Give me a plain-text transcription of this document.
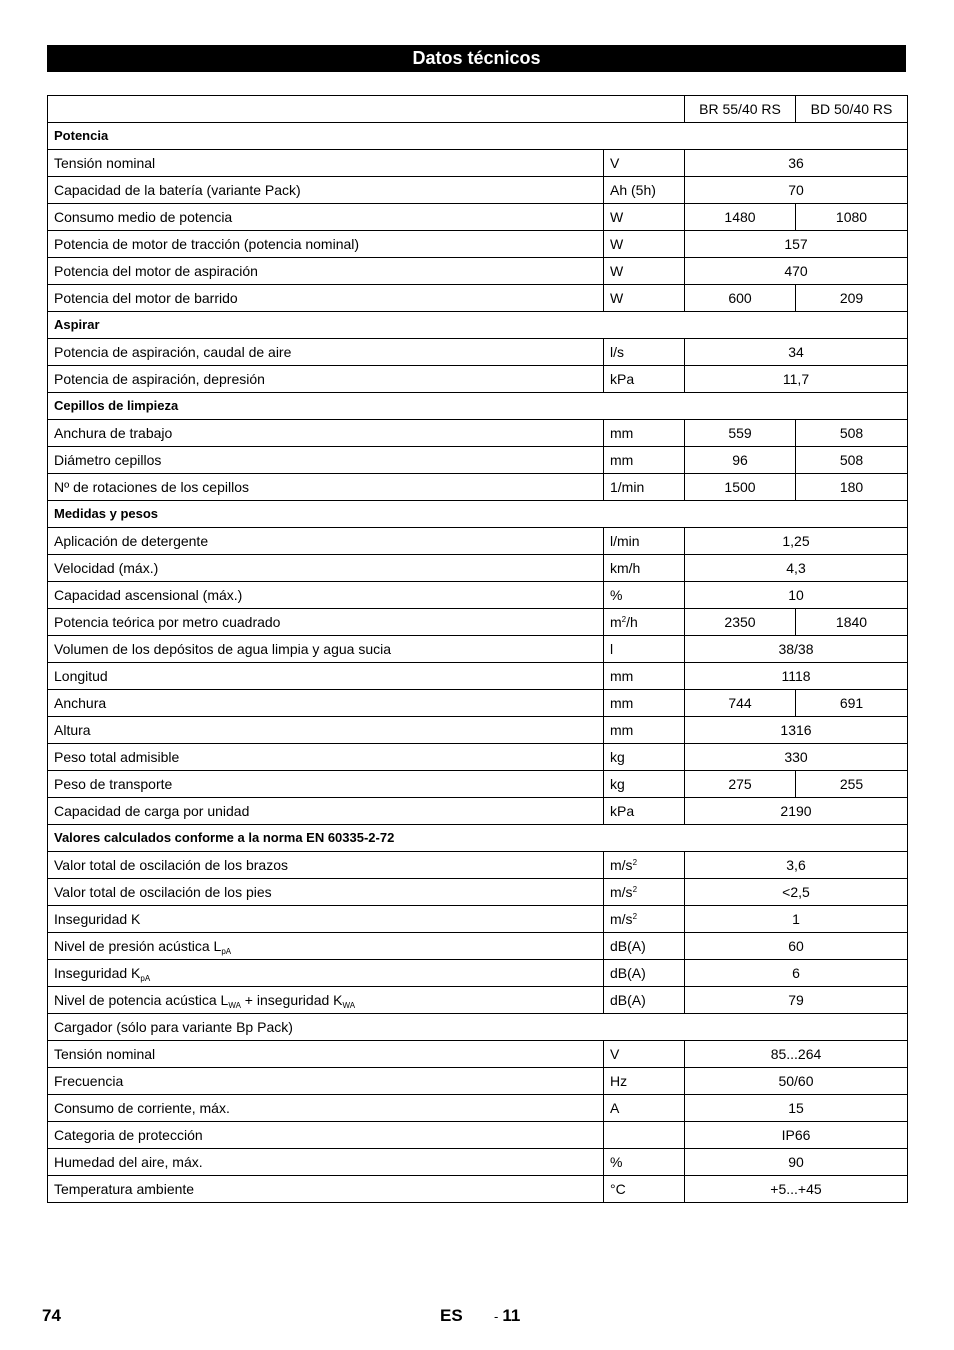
Datos técnicos
		BR 55/40 RS	BD 50/40 RS
Potencia			
Tensión nominal	V	36	
Capacidad de la batería (variante Pack)	Ah (5h)	70	
Consumo medio de potencia	W	1480	1080
Potencia de motor de tracción (potencia nominal)	W	157	
Potencia del motor de aspiración	W	470	
Potencia del motor de barrido	W	600	209
Aspirar			
Potencia de aspiración, caudal de aire	l/s	34	
Potencia de aspiración, depresión	kPa	11,7	
Cepillos de limpieza			
Anchura de trabajo	mm	559	508
Diámetro cepillos	mm	96	508
Nº de rotaciones de los cepillos	1/min	1500	180
Medidas y pesos			
Aplicación de detergente	l/min	1,25	
Velocidad (máx.)	km/h	4,3	
Capacidad ascensional (máx.)	%	10	
Potencia teórica por metro cuadrado	$m^2/h$	2350	1840
Volumen de los depósitos de agua limpia y agua sucia	l	38/38	
Longitud	mm	1118	
Anchura	mm	744	691
Altura	mm	1316	
Peso total admisible	kg	330	
Peso de transporte	kg	275	255
Capacidad de carga por unidad	kPa	2190	
Valores calculados conforme a la norma EN 60335-2-72			
Valor total de oscilación de los brazos	$m/s^2$	3,6	
Valor total de oscilación de los pies	$m/s^2$	<2,5	
Inseguridad K	$m/s^2$	1	
Nivel de presión acústica $L_{pA}$	dB(A)	60	
Inseguridad $K_{pA}$	dB(A)	6	
Nivel de potencia acústica $L_{WA}$ + inseguridad $K_{WA}$	dB(A)	79	
Cargador (sólo para variante Bp Pack)			
Tensión nominal	V	85...264	
Frecuencia	Hz	50/60	
Consumo de corriente, máx.	A	15	
Categoria de protección		IP66	
Humedad del aire, máx.	%	90	
Temperatura ambiente	°C	+5...+45	
74	ES - 11
